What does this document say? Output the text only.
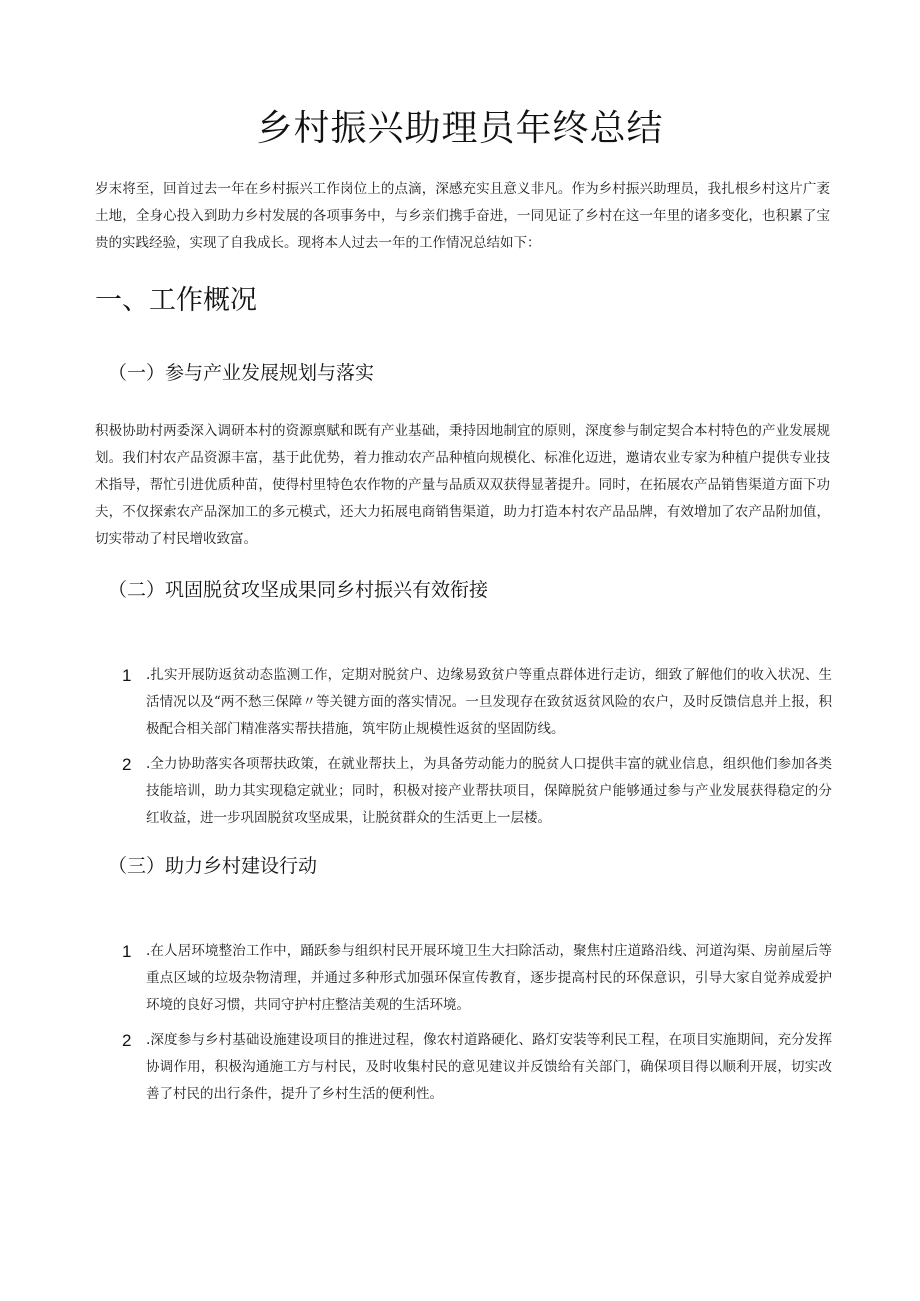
乡村振兴助理员年终总结

岁末将至，回首过去一年在乡村振兴工作岗位上的点滴，深感充实且意义非凡。作为乡村振兴助理员，我扎根乡村这片广袤土地，全身心投入到助力乡村发展的各项事务中，与乡亲们携手奋进，一同见证了乡村在这一年里的诸多变化，也积累了宝贵的实践经验，实现了自我成长。现将本人过去一年的工作情况总结如下：

一、工作概况
（一）参与产业发展规划与落实

积极协助村两委深入调研本村的资源禀赋和既有产业基础，秉持因地制宜的原则，深度参与制定契合本村特色的产业发展规划。我们村农产品资源丰富，基于此优势，着力推动农产品种植向规模化、标准化迈进，邀请农业专家为种植户提供专业技术指导，帮忙引进优质种苗，使得村里特色农作物的产量与品质双双获得显著提升。同时，在拓展农产品销售渠道方面下功夫，不仅探索农产品深加工的多元模式，还大力拓展电商销售渠道，助力打造本村农产品品牌，有效增加了农产品附加值，切实带动了村民增收致富。

（二）巩固脱贫攻坚成果同乡村振兴有效衔接
1	.扎实开展防返贫动态监测工作，定期对脱贫户、边缘易致贫户等重点群体进行走访，细致了解他们的收入状况、生活情况以及“两不愁三保障〃等关键方面的落实情况。一旦发现存在致贫返贫风险的农户，及时反馈信息并上报，积极配合相关部门精准落实帮扶措施，筑牢防止规模性返贫的坚固防线。
2	.全力协助落实各项帮扶政策，在就业帮扶上，为具备劳动能力的脱贫人口提供丰富的就业信息，组织他们参加各类技能培训，助力其实现稳定就业；同时，积极对接产业帮扶项目，保障脱贫户能够通过参与产业发展获得稳定的分红收益，进一步巩固脱贫攻坚成果，让脱贫群众的生活更上一层楼。
（三）助力乡村建设行动
1	.在人居环境整治工作中，踊跃参与组织村民开展环境卫生大扫除活动，聚焦村庄道路沿线、河道沟渠、房前屋后等重点区域的垃圾杂物清理，并通过多种形式加强环保宣传教育，逐步提高村民的环保意识，引导大家自觉养成爱护环境的良好习惯，共同守护村庄整洁美观的生活环境。
2	.深度参与乡村基础设施建设项目的推进过程，像农村道路硬化、路灯安装等利民工程，在项目实施期间，充分发挥协调作用，积极沟通施工方与村民，及时收集村民的意见建议并反馈给有关部门，确保项目得以顺利开展，切实改善了村民的出行条件，提升了乡村生活的便利性。
